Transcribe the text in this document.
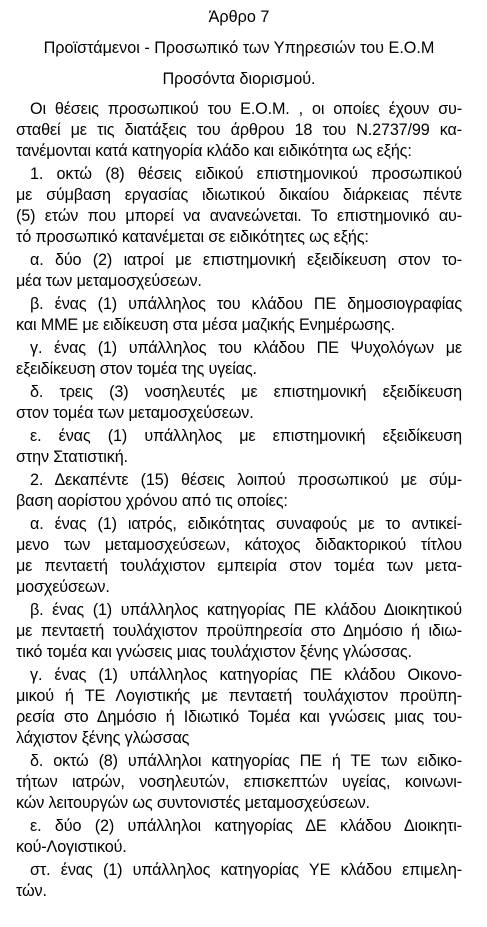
Άρθρο 7

Προϊστάμενοι - Προσωπικό των Υπηρεσιών του Ε.Ο.Μ

Προσόντα διορισμού.

Οι θέσεις προσωπικού του Ε.Ο.Μ. , οι οποίες έχουν συ-
σταθεί με τις διατάξεις του άρθρου 18 του Ν.2737/99 κα-
τανέμονται κατά κατηγορία κλάδο και ειδικότητα ως εξής:

1. οκτώ (8) θέσεις ειδικού επιστημονικού προσωπικού
με σύμβαση εργασίας ιδιωτικού δικαίου διάρκειας πέντε
(5) ετών που μπορεί να ανανεώνεται. Το επιστημονικό αυ-
τό προσωπικό κατανέμεται σε ειδικότητες ως εξής:

α. δύο (2) ιατροί με επιστημονική εξειδίκευση στον το-
μέα των μεταμοσχεύσεων.

β. ένας (1) υπάλληλος του κλάδου ΠΕ δημοσιογραφίας
και ΜΜΕ με ειδίκευση στα μέσα μαζικής Ενημέρωσης.

γ. ένας (1) υπάλληλος του κλάδου ΠΕ Ψυχολόγων με
εξειδίκευση στον τομέα της υγείας.

δ. τρεις (3) νοσηλευτές με επιστημονική εξειδίκευση
στον τομέα των μεταμοσχεύσεων.

ε. ένας (1) υπάλληλος με επιστημονική εξειδίκευση
στην Στατιστική.

2. Δεκαπέντε (15) θέσεις λοιπού προσωπικού με σύμ-
βαση αορίστου χρόνου από τις οποίες:

α. ένας (1) ιατρός, ειδικότητας συναφούς με το αντικεί-
μενο των μεταμοσχεύσεων, κάτοχος διδακτορικού τίτλου
με πενταετή τουλάχιστον εμπειρία στον τομέα των μετα-
μοσχεύσεων.

β. ένας (1) υπάλληλος κατηγορίας ΠΕ κλάδου Διοικητικού
με πενταετή τουλάχιστον προϋπηρεσία στο Δημόσιο ή ιδιω-
τικό τομέα και γνώσεις μιας τουλάχιστον ξένης γλώσσας.

γ. ένας (1) υπάλληλος κατηγορίας ΠΕ κλάδου Οικονο-
μικού ή ΤΕ Λογιστικής με πενταετή τουλάχιστον προϋπη-
ρεσία στο Δημόσιο ή Ιδιωτικό Τομέα και γνώσεις μιας του-
λάχιστον ξένης γλώσσας

δ. οκτώ (8) υπάλληλοι κατηγορίας ΠΕ ή ΤΕ των ειδικο-
τήτων ιατρών, νοσηλευτών, επισκεπτών υγείας, κοινωνι-
κών λειτουργών ως συντονιστές μεταμοσχεύσεων.

ε. δύο (2) υπάλληλοι κατηγορίας ΔΕ κλάδου Διοικητι-
κού-Λογιστικού.

στ. ένας (1) υπάλληλος κατηγορίας ΥΕ κλάδου επιμελη-
τών.
